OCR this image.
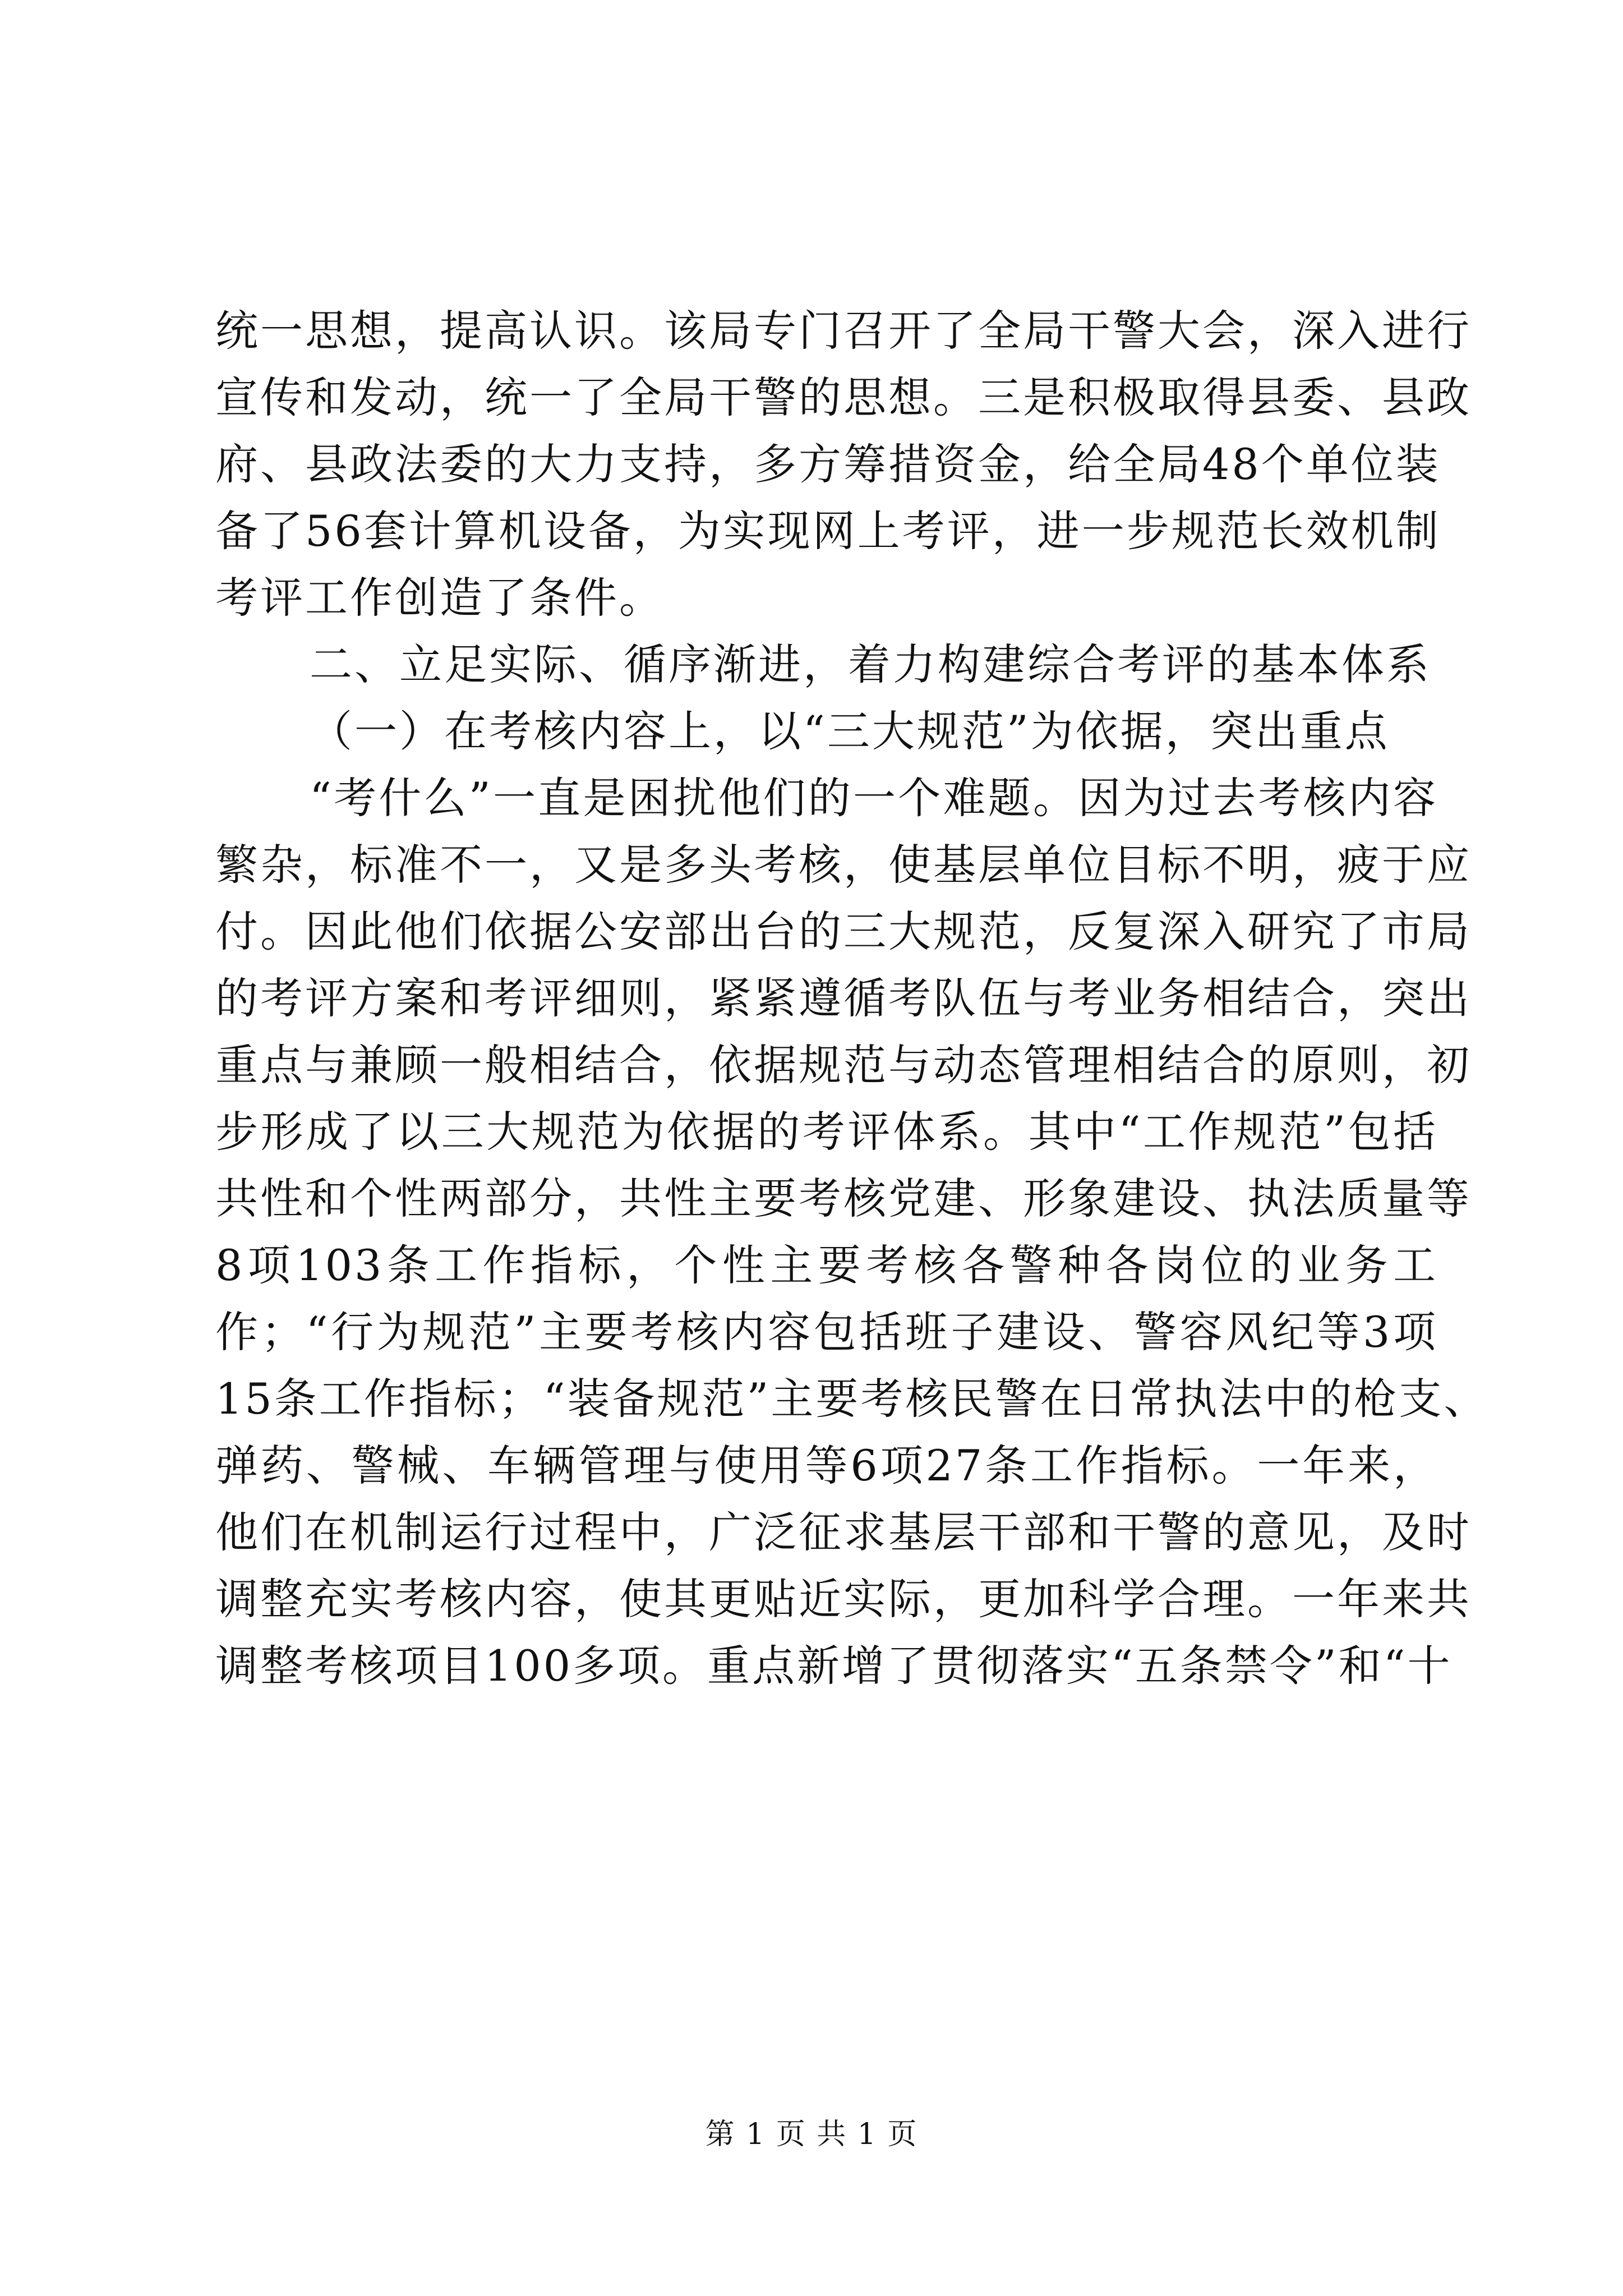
统一思想，提高认识。该局专门召开了全局干警大会，深入进行
宣传和发动，统一了全局干警的思想。三是积极取得县委、县政
府、县政法委的大力支持，多方筹措资金，给全局48个单位装
备了56套计算机设备，为实现网上考评，进一步规范长效机制
考评工作创造了条件。
二、立足实际、循序渐进，着力构建综合考评的基本体系
（一）在考核内容上，以“三大规范”为依据，突出重点
“考什么”一直是困扰他们的一个难题。因为过去考核内容
繁杂，标准不一，又是多头考核，使基层单位目标不明，疲于应
付。因此他们依据公安部出台的三大规范，反复深入研究了市局
的考评方案和考评细则，紧紧遵循考队伍与考业务相结合，突出
重点与兼顾一般相结合，依据规范与动态管理相结合的原则，初
步形成了以三大规范为依据的考评体系。其中“工作规范”包括
共性和个性两部分，共性主要考核党建、形象建设、执法质量等
8项103条工作指标，个性主要考核各警种各岗位的业务工
作；“行为规范”主要考核内容包括班子建设、警容风纪等3项
15条工作指标；“装备规范”主要考核民警在日常执法中的枪支、
弹药、警械、车辆管理与使用等6项27条工作指标。一年来，
他们在机制运行过程中，广泛征求基层干部和干警的意见，及时
调整充实考核内容，使其更贴近实际，更加科学合理。一年来共
调整考核项目100多项。重点新增了贯彻落实“五条禁令”和“十
第 1 页 共 1 页
